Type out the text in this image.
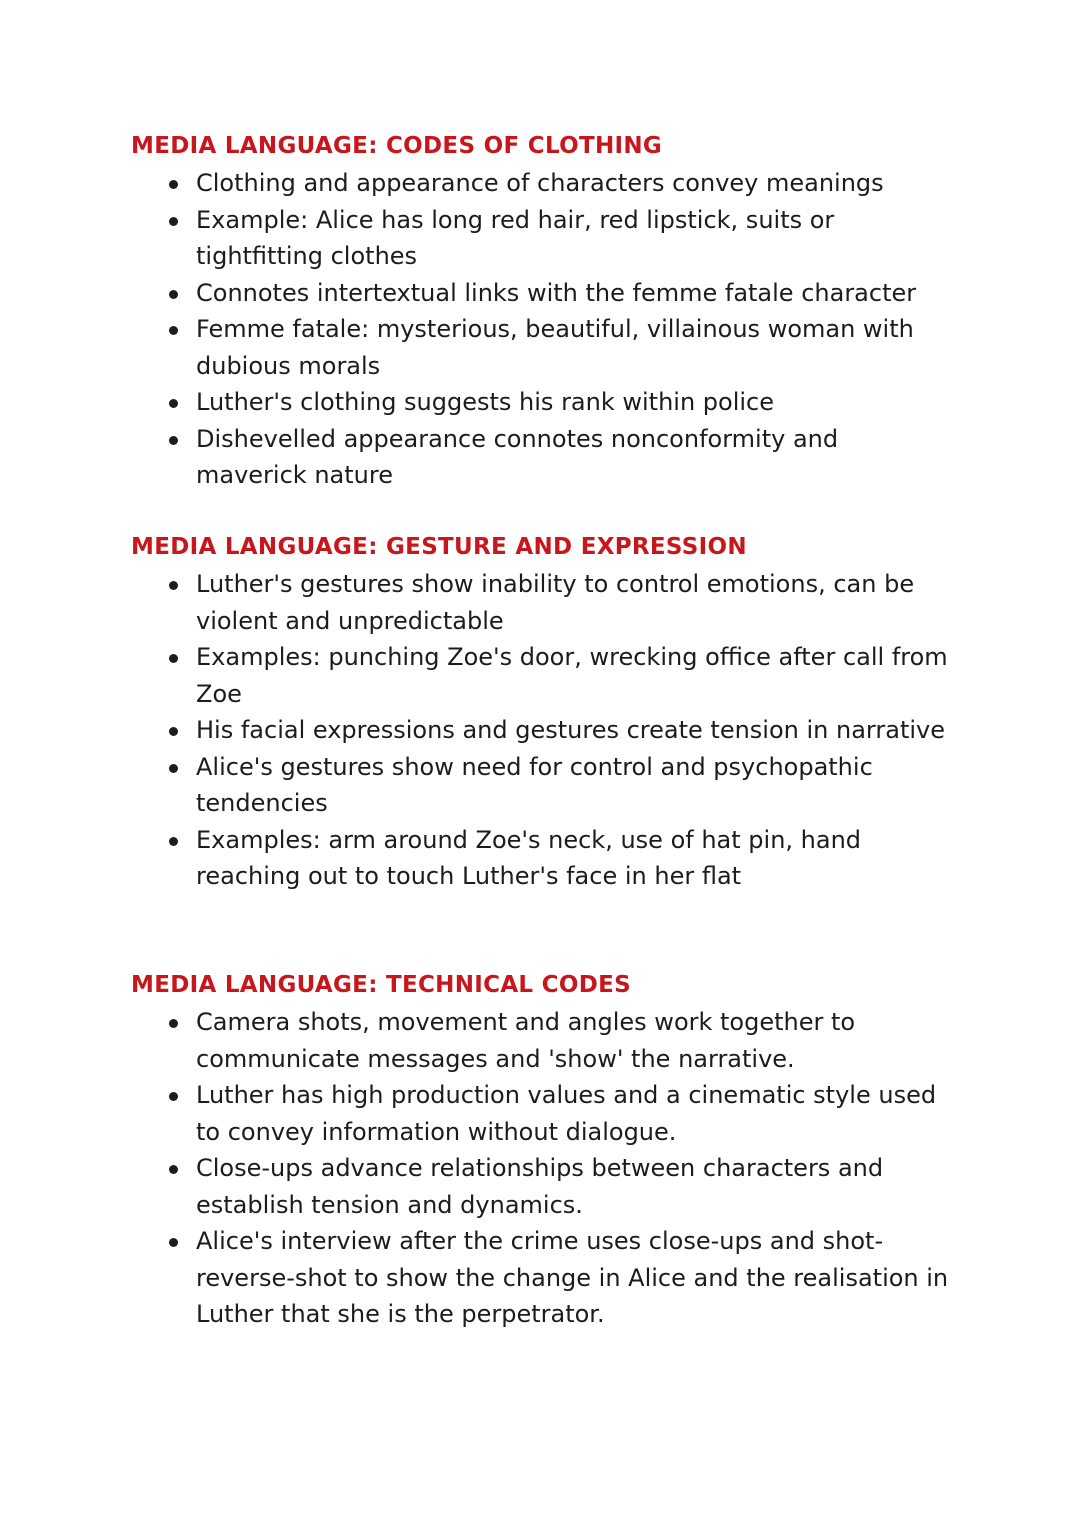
MEDIA LANGUAGE: CODES OF CLOTHING
Clothing and appearance of characters convey meanings
Example: Alice has long red hair, red lipstick, suits or tightfitting clothes
Connotes intertextual links with the femme fatale character
Femme fatale: mysterious, beautiful, villainous woman with dubious morals
Luther's clothing suggests his rank within police
Dishevelled appearance connotes nonconformity and maverick nature
MEDIA LANGUAGE: GESTURE AND EXPRESSION
Luther's gestures show inability to control emotions, can be violent and unpredictable
Examples: punching Zoe's door, wrecking office after call from Zoe
His facial expressions and gestures create tension in narrative
Alice's gestures show need for control and psychopathic tendencies
Examples: arm around Zoe's neck, use of hat pin, hand reaching out to touch Luther's face in her flat
MEDIA LANGUAGE: TECHNICAL CODES
Camera shots, movement and angles work together to communicate messages and 'show' the narrative.
Luther has high production values and a cinematic style used to convey information without dialogue.
Close-ups advance relationships between characters and establish tension and dynamics.
Alice's interview after the crime uses close-ups and shot-reverse-shot to show the change in Alice and the realisation in Luther that she is the perpetrator.
